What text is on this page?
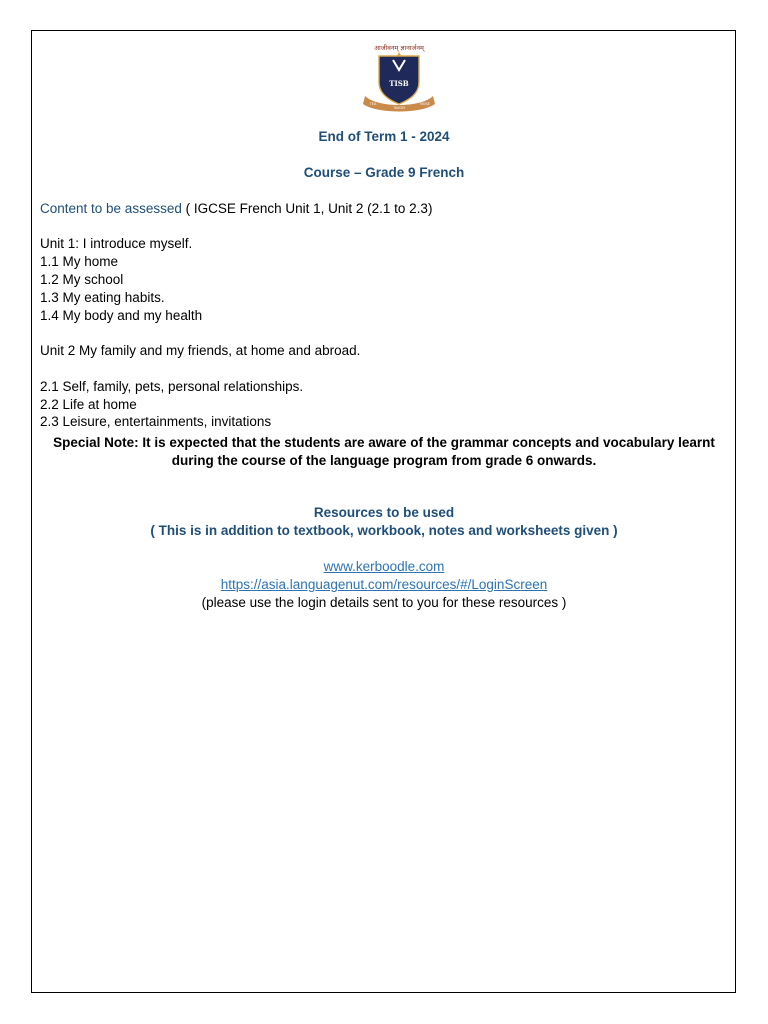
आजीवनम् ज्ञानार्जनम्
TISB
TEA
TAKON
NOSE
End of Term 1 - 2024
Course – Grade 9 French
Content to be assessed ( IGCSE French Unit 1, Unit 2 (2.1 to 2.3)
Unit 1: I introduce myself.
1.1 My home
1.2 My school
1.3 My eating habits.
1.4 My body and my health
Unit 2 My family and my friends, at home and abroad.
2.1 Self, family, pets, personal relationships.
2.2 Life at home
2.3 Leisure, entertainments, invitations
Special Note: It is expected that the students are aware of the grammar concepts and vocabulary learnt
during the course of the language program from grade 6 onwards.
Resources to be used
( This is in addition to textbook, workbook, notes and worksheets given )
www.kerboodle.com
https://asia.languagenut.com/resources/#/LoginScreen
(please use the login details sent to you for these resources )
